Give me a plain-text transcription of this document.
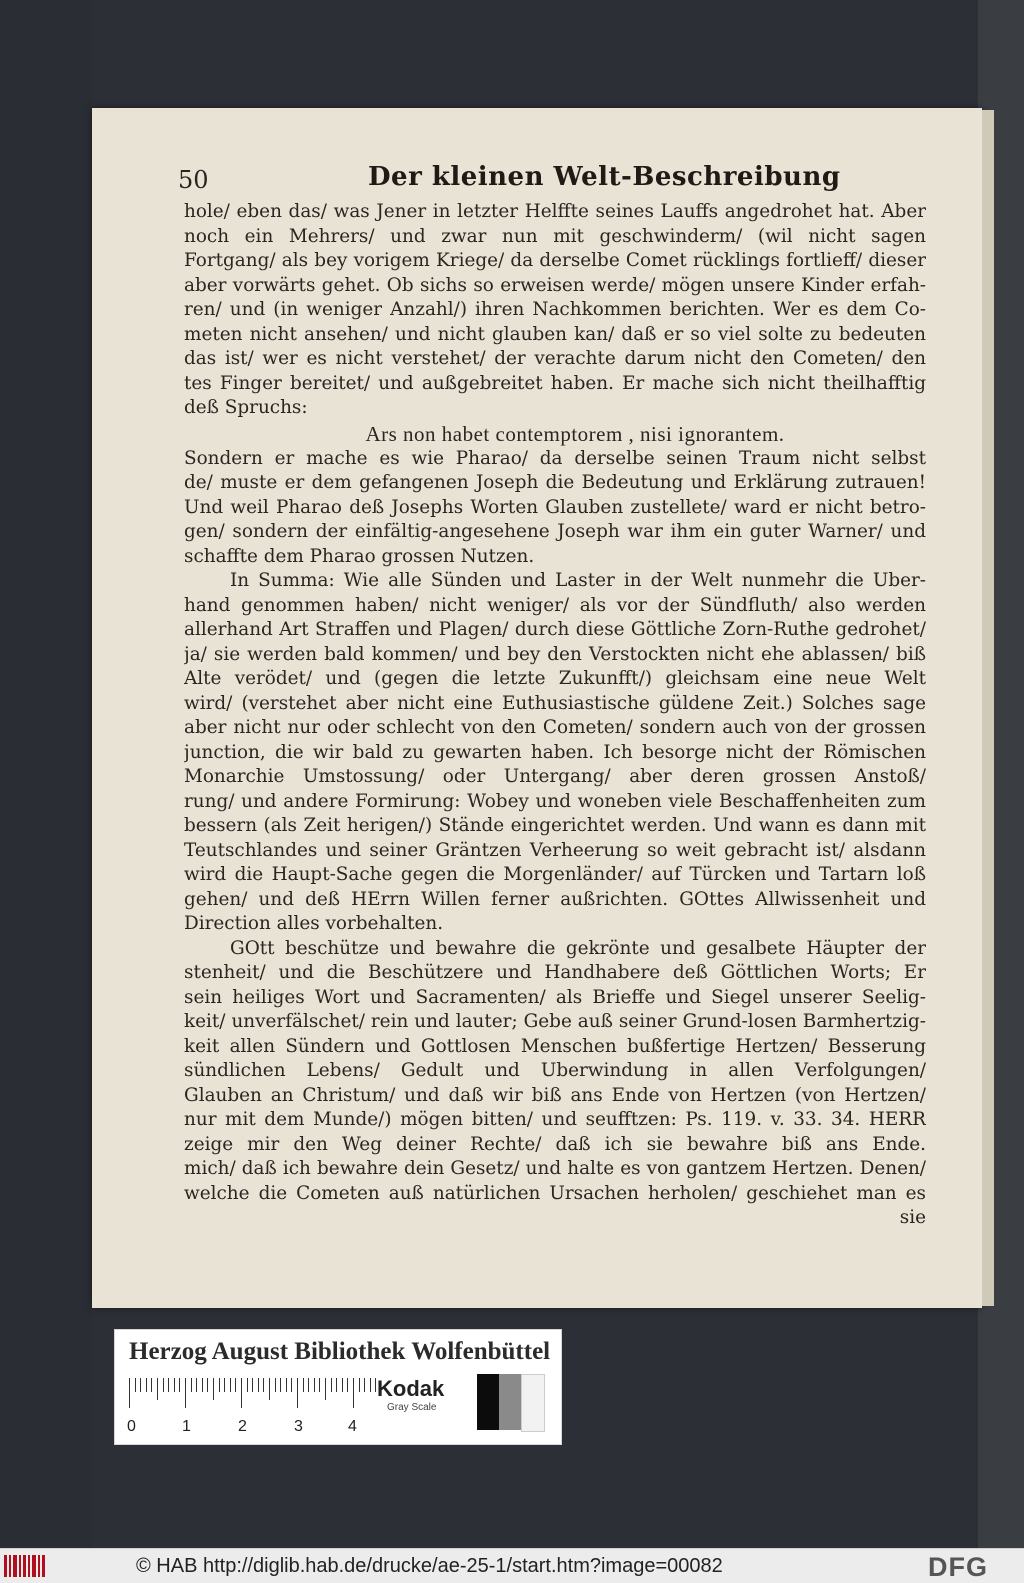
50	Der kleinen Welt-Beschreibung
hole/ eben das/ was Jener in letzter Helffte seines Lauffs angedrohet hat. Aber
noch ein Mehrers/ und zwar nun mit geschwinderm/ (wil nicht sagen
Fortgang/ als bey vorigem Kriege/ da derselbe Comet rücklings fortlieff/ dieser
aber vorwärts gehet. Ob sichs so erweisen werde/ mögen unsere Kinder erfah-
ren/ und (in weniger Anzahl/) ihren Nachkommen berichten. Wer es dem Co-
meten nicht ansehen/ und nicht glauben kan/ daß er so viel solte zu bedeuten
das ist/ wer es nicht verstehet/ der verachte darum nicht den Cometen/ den
tes Finger bereitet/ und außgebreitet haben. Er mache sich nicht theilhafftig
deß Spruchs:
Ars non habet contemptorem , nisi ignorantem.
Sondern er mache es wie Pharao/ da derselbe seinen Traum nicht selbst
de/ muste er dem gefangenen Joseph die Bedeutung und Erklärung zutrauen!
Und weil Pharao deß Josephs Worten Glauben zustellete/ ward er nicht betro-
gen/ sondern der einfältig-angesehene Joseph war ihm ein guter Warner/ und
schaffte dem Pharao grossen Nutzen.
In Summa: Wie alle Sünden und Laster in der Welt nunmehr die Uber-
hand genommen haben/ nicht weniger/ als vor der Sündfluth/ also werden
allerhand Art Straffen und Plagen/ durch diese Göttliche Zorn-Ruthe gedrohet/
ja/ sie werden bald kommen/ und bey den Verstockten nicht ehe ablassen/ biß
Alte verödet/ und (gegen die letzte Zukunfft/) gleichsam eine neue Welt
wird/ (verstehet aber nicht eine Euthusiastische güldene Zeit.) Solches sage
aber nicht nur oder schlecht von den Cometen/ sondern auch von der grossen
junction, die wir bald zu gewarten haben. Ich besorge nicht der Römischen
Monarchie Umstossung/ oder Untergang/ aber deren grossen Anstoß/
rung/ und andere Formirung: Wobey und woneben viele Beschaffenheiten zum
bessern (als Zeit herigen/) Stände eingerichtet werden. Und wann es dann mit
Teutschlandes und seiner Gräntzen Verheerung so weit gebracht ist/ alsdann
wird die Haupt-Sache gegen die Morgenländer/ auf Türcken und Tartarn loß
gehen/ und deß HErrn Willen ferner außrichten. GOttes Allwissenheit und
Direction alles vorbehalten.
GOtt beschütze und bewahre die gekrönte und gesalbete Häupter der
stenheit/ und die Beschützere und Handhabere deß Göttlichen Worts; Er
sein heiliges Wort und Sacramenten/ als Brieffe und Siegel unserer Seelig-
keit/ unverfälschet/ rein und lauter; Gebe auß seiner Grund-losen Barmhertzig-
keit allen Sündern und Gottlosen Menschen bußfertige Hertzen/ Besserung
sündlichen Lebens/ Gedult und Uberwindung in allen Verfolgungen/
Glauben an Christum/ und daß wir biß ans Ende von Hertzen (von Hertzen/
nur mit dem Munde/) mögen bitten/ und seufftzen: Ps. 119. v. 33. 34. HERR
zeige mir den Weg deiner Rechte/ daß ich sie bewahre biß ans Ende.
mich/ daß ich bewahre dein Gesetz/ und halte es von gantzem Hertzen. Denen/
welche die Cometen auß natürlichen Ursachen herholen/ geschiehet man es
sie
Herzog August Bibliothek Wolfenbüttel
0	1	2	3	4
Kodak
Gray Scale
© HAB http://diglib.hab.de/drucke/ae-25-1/start.htm?image=00082	DFG
